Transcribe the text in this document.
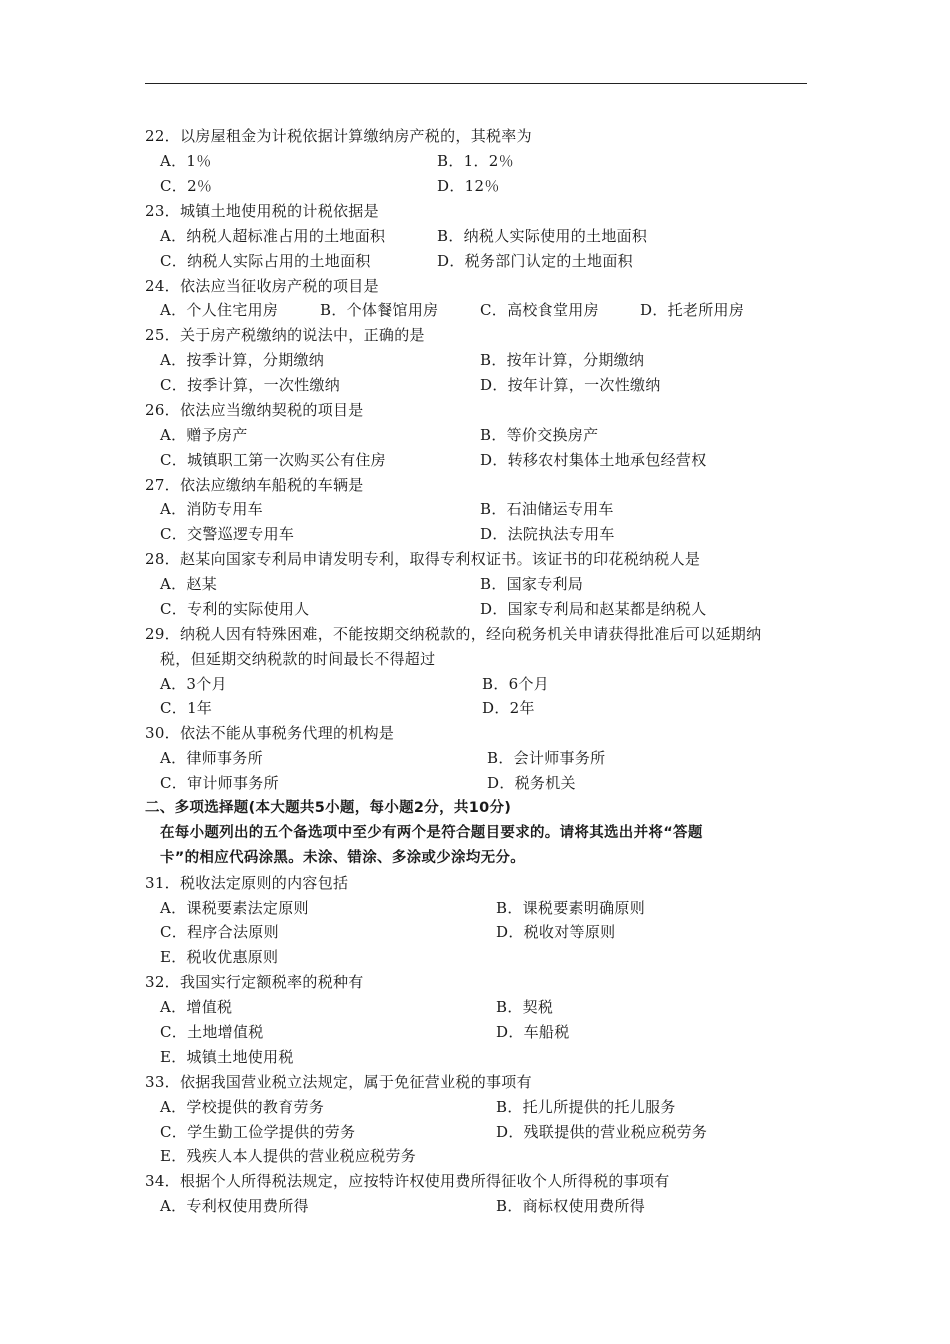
22．以房屋租金为计税依据计算缴纳房产税的，其税率为
A．1％	B．1．2％
C．2％	D．12％
23．城镇土地使用税的计税依据是
A．纳税人超标准占用的土地面积	B．纳税人实际使用的土地面积
C．纳税人实际占用的土地面积	D．税务部门认定的土地面积
24．依法应当征收房产税的项目是
A．个人住宅用房	B．个体餐馆用房	C．高校食堂用房	D．托老所用房
25．关于房产税缴纳的说法中，正确的是
A．按季计算，分期缴纳	B．按年计算，分期缴纳
C．按季计算，一次性缴纳	D．按年计算，一次性缴纳
26．依法应当缴纳契税的项目是
A．赠予房产	B．等价交换房产
C．城镇职工第一次购买公有住房	D．转移农村集体土地承包经营权
27．依法应缴纳车船税的车辆是
A．消防专用车	B．石油储运专用车
C．交警巡逻专用车	D．法院执法专用车
28．赵某向国家专利局申请发明专利，取得专利权证书。该证书的印花税纳税人是
A．赵某	B．国家专利局
C．专利的实际使用人	D．国家专利局和赵某都是纳税人
29．纳税人因有特殊困难，不能按期交纳税款的，经向税务机关申请获得批准后可以延期纳
税，但延期交纳税款的时间最长不得超过
A．3个月	B．6个月
C．1年	D．2年
30．依法不能从事税务代理的机构是
A．律师事务所	B．会计师事务所
C．审计师事务所	D．税务机关
二、多项选择题(本大题共5小题，每小题2分，共10分)
在每小题列出的五个备选项中至少有两个是符合题目要求的。请将其选出并将“答题
卡”的相应代码涂黑。未涂、错涂、多涂或少涂均无分。
31．税收法定原则的内容包括
A．课税要素法定原则	B．课税要素明确原则
C．程序合法原则	D．税收对等原则
E．税收优惠原则
32．我国实行定额税率的税种有
A．增值税	B．契税
C．土地增值税	D．车船税
E．城镇土地使用税
33．依据我国营业税立法规定，属于免征营业税的事项有
A．学校提供的教育劳务	B．托儿所提供的托儿服务
C．学生勤工俭学提供的劳务	D．残联提供的营业税应税劳务
E．残疾人本人提供的营业税应税劳务
34．根据个人所得税法规定，应按特许权使用费所得征收个人所得税的事项有
A．专利权使用费所得	B．商标权使用费所得
